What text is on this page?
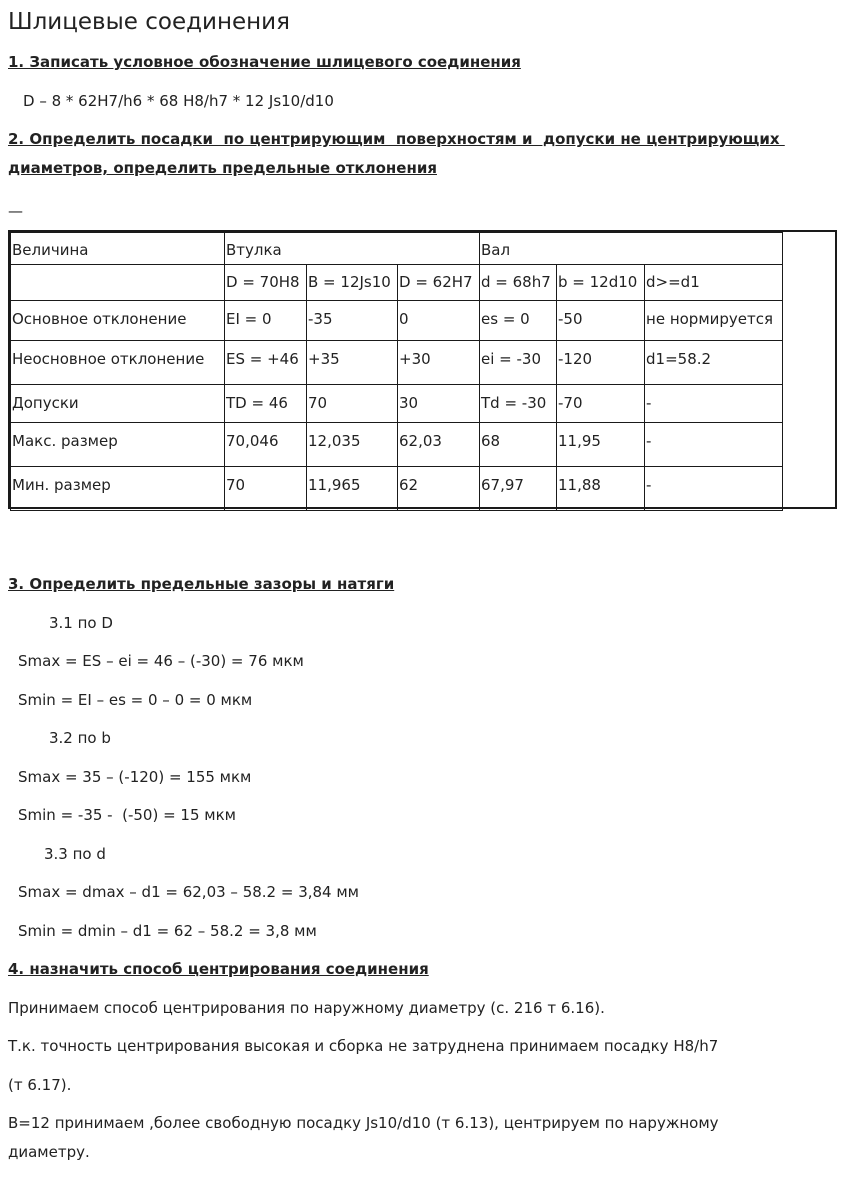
Шлицевые соединения
1. Записать условное обозначение шлицевого соединения
D – 8 * 62H7/h6 * 68 H8/h7 * 12 Js10/d10
2. Определить посадки  по центрирующим  поверхностям и  допуски не центрирующих
диаметров, определить предельные отклонения
—
Величина	Втулка			Вал		

	D = 70H8	B = 12Js10	D = 62H7	d = 68h7	b = 12d10	d>=d1

Основное отклонение	EI = 0	-35	0	es = 0	-50	не нормируется

Неосновное отклонение	ES = +46	+35	+30	ei = -30	-120	d1=58.2

Допуски	TD = 46	70	30	Td = -30	-70	-

Макс. размер	70,046	12,035	62,03	68	11,95	-

Мин. размер	70	11,965	62	67,97	11,88	-
3. Определить предельные зазоры и натяги
3.1 по D
Smax = ES – ei = 46 – (-30) = 76 мкм
Smin = EI – es = 0 – 0 = 0 мкм
3.2 по b
Smax = 35 – (-120) = 155 мкм
Smin = -35 -  (-50) = 15 мкм
3.3 по d
Smax = dmax – d1 = 62,03 – 58.2 = 3,84 мм
Smin = dmin – d1 = 62 – 58.2 = 3,8 мм
4. назначить способ центрирования соединения
Принимаем способ центрирования по наружному диаметру (с. 216 т 6.16).
Т.к. точность центрирования высокая и сборка не затруднена принимаем посадку H8/h7
(т 6.17).
B=12 принимаем ,более свободную посадку Js10/d10 (т 6.13), центрируем по наружному
диаметру.
